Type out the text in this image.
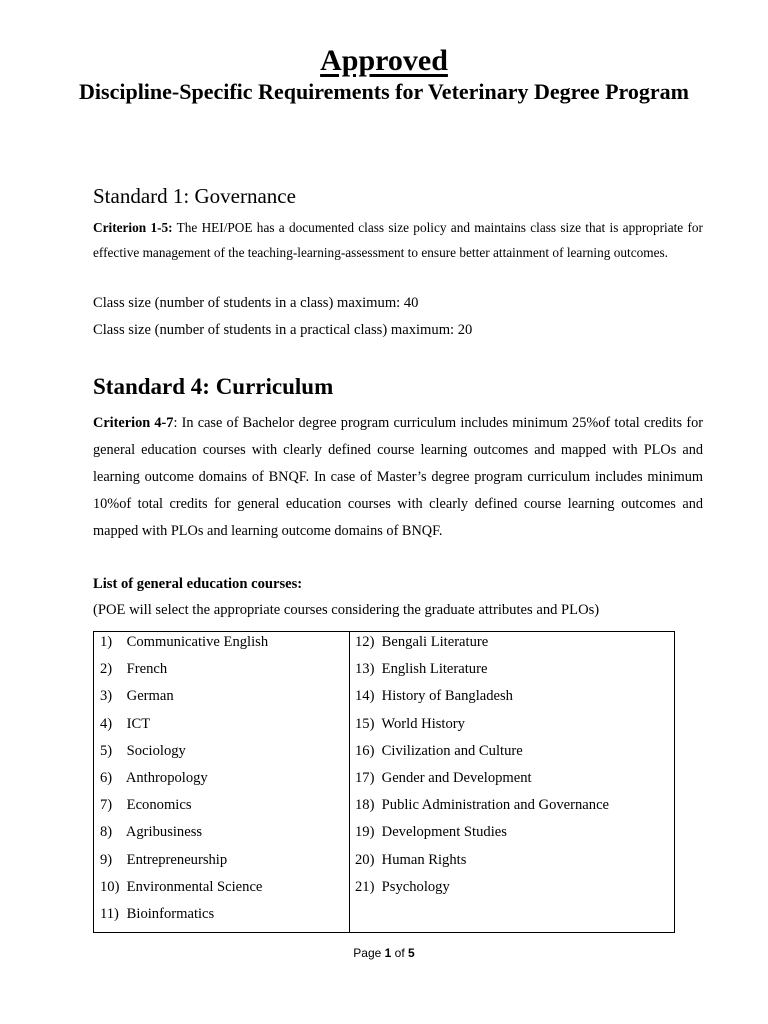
Approved
Discipline-Specific Requirements for Veterinary Degree Program
Standard 1: Governance
Criterion 1-5: The HEI/POE has a documented class size policy and maintains class size that is appropriate for effective management of the teaching-learning-assessment to ensure better attainment of learning outcomes.
Class size (number of students in a class) maximum: 40
Class size (number of students in a practical class) maximum: 20
Standard 4: Curriculum
Criterion 4-7: In case of Bachelor degree program curriculum includes minimum 25%of total credits for general education courses with clearly defined course learning outcomes and mapped with PLOs and learning outcome domains of BNQF. In case of Master’s degree program curriculum includes minimum 10%of total credits for general education courses with clearly defined course learning outcomes and mapped with PLOs and learning outcome domains of BNQF.
List of general education courses:
(POE will select the appropriate courses considering the graduate attributes and PLOs)
1) Communicative English
2) French
3) German
4) ICT
5) Sociology
6) Anthropology
7) Economics
8) Agribusiness
9) Entrepreneurship
10) Environmental Science
11) Bioinformatics
12) Bengali Literature
13) English Literature
14) History of Bangladesh
15) World History
16) Civilization and Culture
17) Gender and Development
18) Public Administration and Governance
19) Development Studies
20) Human Rights
21) Psychology
Page 1 of 5
